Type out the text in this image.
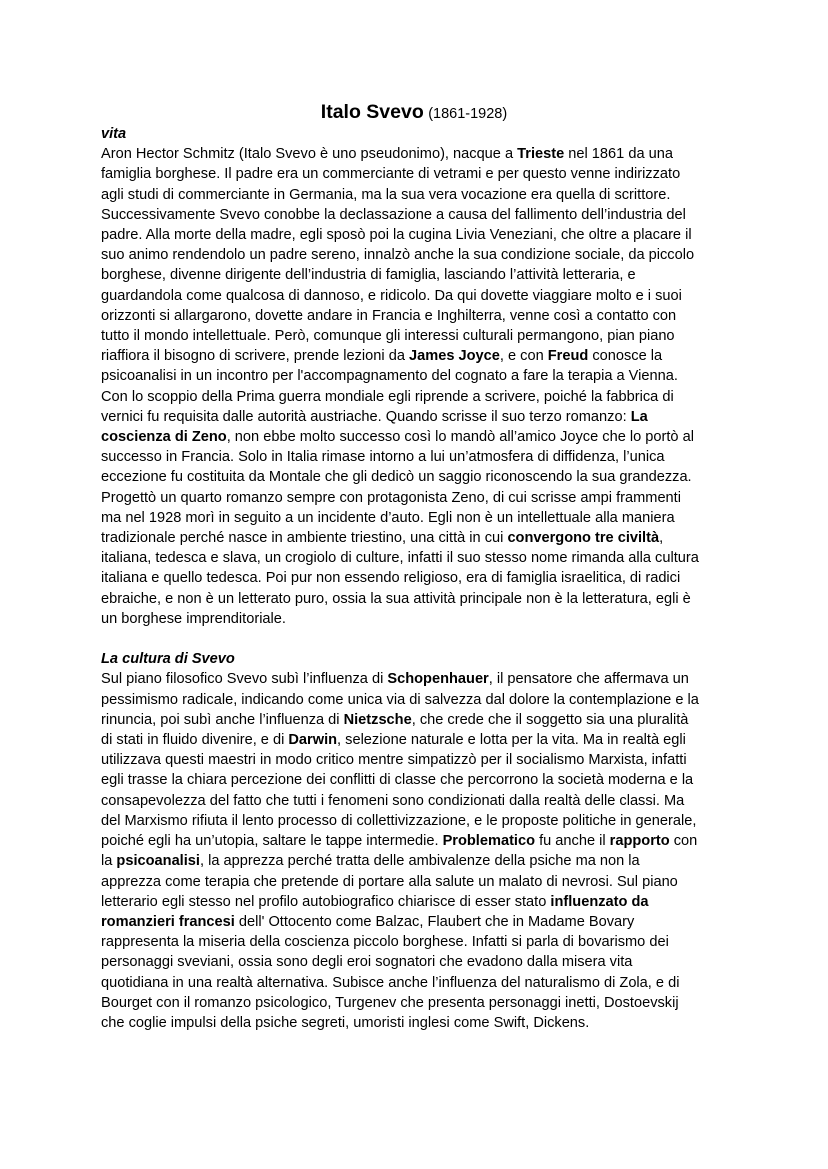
Italo Svevo (1861-1928)

vita

Aron Hector Schmitz (Italo Svevo è uno pseudonimo), nacque a Trieste nel 1861 da una
famiglia borghese. Il padre era un commerciante di vetrami e per questo venne indirizzato
agli studi di commerciante in Germania, ma la sua vera vocazione era quella di scrittore.
Successivamente Svevo conobbe la declassazione a causa del fallimento dell’industria del
padre. Alla morte della madre, egli sposò poi la cugina Livia Veneziani, che oltre a placare il
suo animo rendendolo un padre sereno, innalzò anche la sua condizione sociale, da piccolo
borghese, divenne dirigente dell’industria di famiglia, lasciando l’attività letteraria, e
guardandola come qualcosa di dannoso, e ridicolo. Da qui dovette viaggiare molto e i suoi
orizzonti si allargarono, dovette andare in Francia e Inghilterra, venne così a contatto con
tutto il mondo intellettuale. Però, comunque gli interessi culturali permangono, pian piano
riaffiora il bisogno di scrivere, prende lezioni da James Joyce, e con Freud conosce la
psicoanalisi in un incontro per l'accompagnamento del cognato a fare la terapia a Vienna.
Con lo scoppio della Prima guerra mondiale egli riprende a scrivere, poiché la fabbrica di
vernici fu requisita dalle autorità austriache. Quando scrisse il suo terzo romanzo: La
coscienza di Zeno, non ebbe molto successo così lo mandò all’amico Joyce che lo portò al
successo in Francia. Solo in Italia rimase intorno a lui un’atmosfera di diffidenza, l’unica
eccezione fu costituita da Montale che gli dedicò un saggio riconoscendo la sua grandezza.
Progettò un quarto romanzo sempre con protagonista Zeno, di cui scrisse ampi frammenti
ma nel 1928 morì in seguito a un incidente d’auto. Egli non è un intellettuale alla maniera
tradizionale perché nasce in ambiente triestino, una città in cui convergono tre civiltà,
italiana, tedesca e slava, un crogiolo di culture, infatti il suo stesso nome rimanda alla cultura
italiana e quello tedesca. Poi pur non essendo religioso, era di famiglia israelitica, di radici
ebraiche, e non è un letterato puro, ossia la sua attività principale non è la letteratura, egli è
un borghese imprenditoriale.

La cultura di Svevo

Sul piano filosofico Svevo subì l’influenza di Schopenhauer, il pensatore che affermava un
pessimismo radicale, indicando come unica via di salvezza dal dolore la contemplazione e la
rinuncia, poi subì anche l’influenza di Nietzsche, che crede che il soggetto sia una pluralità
di stati in fluido divenire, e di Darwin, selezione naturale e lotta per la vita. Ma in realtà egli
utilizzava questi maestri in modo critico mentre simpatizzò per il socialismo Marxista, infatti
egli trasse la chiara percezione dei conflitti di classe che percorrono la società moderna e la
consapevolezza del fatto che tutti i fenomeni sono condizionati dalla realtà delle classi. Ma
del Marxismo rifiuta il lento processo di collettivizzazione, e le proposte politiche in generale,
poiché egli ha un’utopia, saltare le tappe intermedie. Problematico fu anche il rapporto con
la psicoanalisi, la apprezza perché tratta delle ambivalenze della psiche ma non la
apprezza come terapia che pretende di portare alla salute un malato di nevrosi. Sul piano
letterario egli stesso nel profilo autobiografico chiarisce di esser stato influenzato da
romanzieri francesi dell' Ottocento come Balzac, Flaubert che in Madame Bovary
rappresenta la miseria della coscienza piccolo borghese. Infatti si parla di bovarismo dei
personaggi sveviani, ossia sono degli eroi sognatori che evadono dalla misera vita
quotidiana in una realtà alternativa. Subisce anche l’influenza del naturalismo di Zola, e di
Bourget con il romanzo psicologico, Turgenev che presenta personaggi inetti, Dostoevskij
che coglie impulsi della psiche segreti, umoristi inglesi come Swift, Dickens.
